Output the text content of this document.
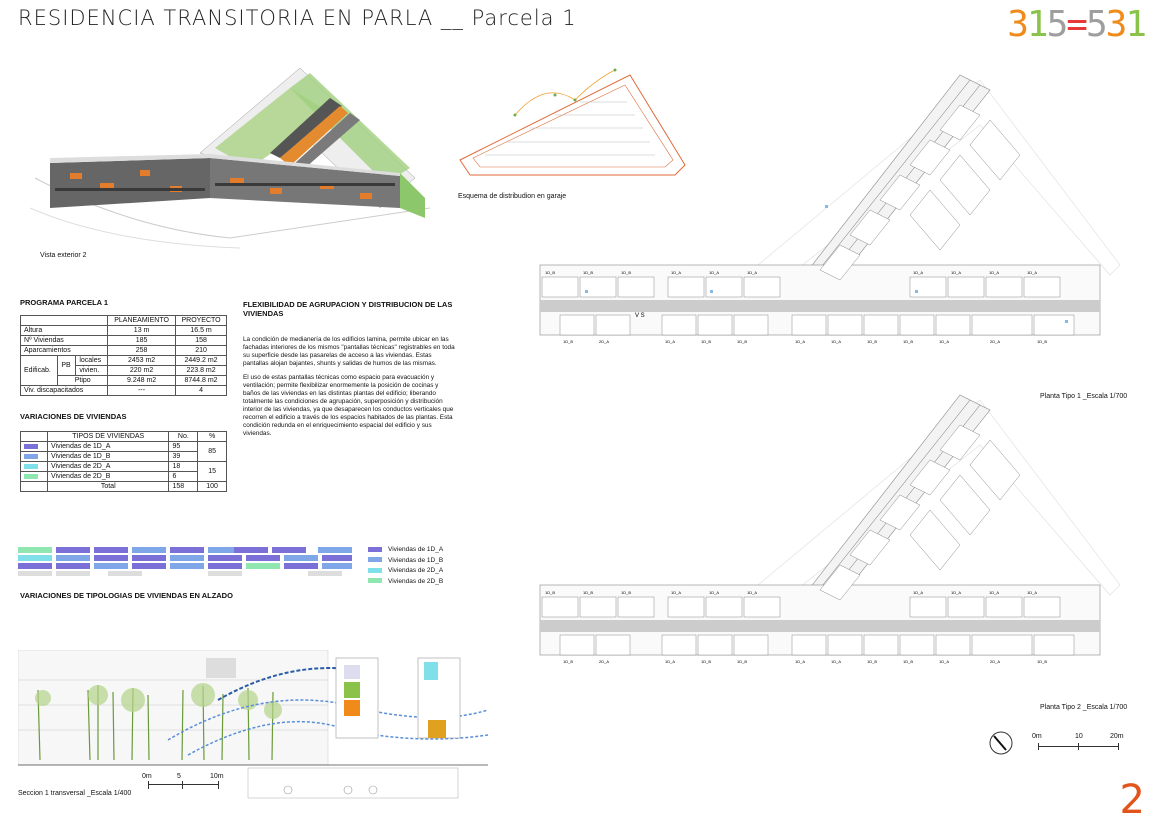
RESIDENCIA TRANSITORIA EN PARLA __ Parcela 1	315=531
2
Vista exterior 2
Esquema de distribudion en garaje
PROGRAMA PARCELA 1
			PLANEAMIENTO	PROYECTO
Altura			13 m	16.5 m
Nº Viviendas			185	158
Aparcamientos			258	210
Edificab.	PB	locales	2453 m2	2449.2 m2
		vivien.	220 m2	223.8 m2
	Ptipo		9.248 m2	8744.8 m2
Viv. discapacitados			---	4
VARIACIONES DE VIVIENDAS
	TIPOS DE VIVIENDAS	No.	%
	Viviendas de 1D_A	95	85
	Viviendas de 1D_B	39	
	Viviendas de 2D_A	18	15
	Viviendas de 2D_B	6	
	Total	158	100
FLEXIBILIDAD DE AGRUPACION Y DISTRIBUCION DE LAS VIVIENDAS

La condición de medianería de los edificios lamina, permite ubicar en las fachadas interiores de los mismos "pantallas técnicas" registrables en toda su superficie desde las pasarelas de acceso a las viviendas. Estas pantallas alojan bajantes, shunts y salidas de humos de las mismas.

El uso de estas pantallas técnicas como espacio para evacuación y ventilación; permite flexibilizar enormemente la posición de cocinas y baños de las viviendas en las distintas plantas del edificio; liberando totalmente las condiciones de agrupación, superposición y distribución interior de las viviendas, ya que desaparecen los conductos verticales que recorren el edificio a través de los espacios habitados de las plantas. Esta condición redunda en el enriquecimiento espacial del edificio y sus viviendas.

Viviendas de 1D_A
Viviendas de 1D_B
Viviendas de 2D_A
Viviendas de 2D_B
VARIACIONES DE TIPOLOGIAS DE VIVIENDAS EN ALZADO
Seccion 1 transversal _Escala 1/400
0m	5	10m
V S
1D_B	1D_B	1D_B	1D_A	1D_A	1D_A	1D_A	1D_A	1D_A	1D_A
1D_B	2D_A	1D_A	1D_B	1D_B	1D_A	1D_A	1D_B	1D_B	1D_A	2D_A	1D_B
Planta Tipo 1 _Escala 1/700
1D_B	1D_B	1D_B	1D_A	1D_A	1D_A	1D_A	1D_A	1D_A	1D_A
1D_B	2D_A	1D_A	1D_B	1D_B	1D_A	1D_A	1D_B	1D_B	1D_A	2D_A	1D_B
Planta Tipo 2 _Escala 1/700
0m	10	20m
